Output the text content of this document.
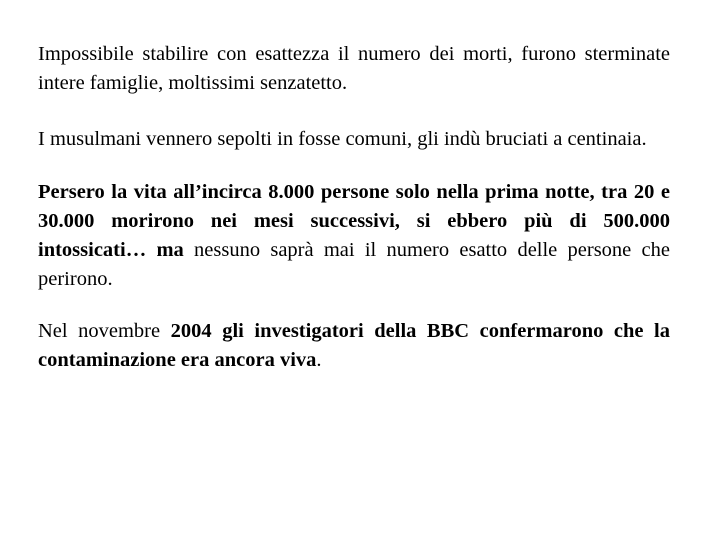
Impossibile stabilire con esattezza il numero dei morti, furono sterminate intere famiglie, moltissimi senzatetto.

I musulmani vennero sepolti in fosse comuni, gli indù bruciati a centinaia.

Persero la vita all’incirca 8.000 persone solo nella prima notte, tra 20 e 30.000 morirono nei mesi successivi, si ebbero più di 500.000 intossicati… ma nessuno saprà mai il numero esatto delle persone che perirono.

Nel novembre 2004 gli investigatori della BBC confermarono che la contaminazione era ancora viva.
